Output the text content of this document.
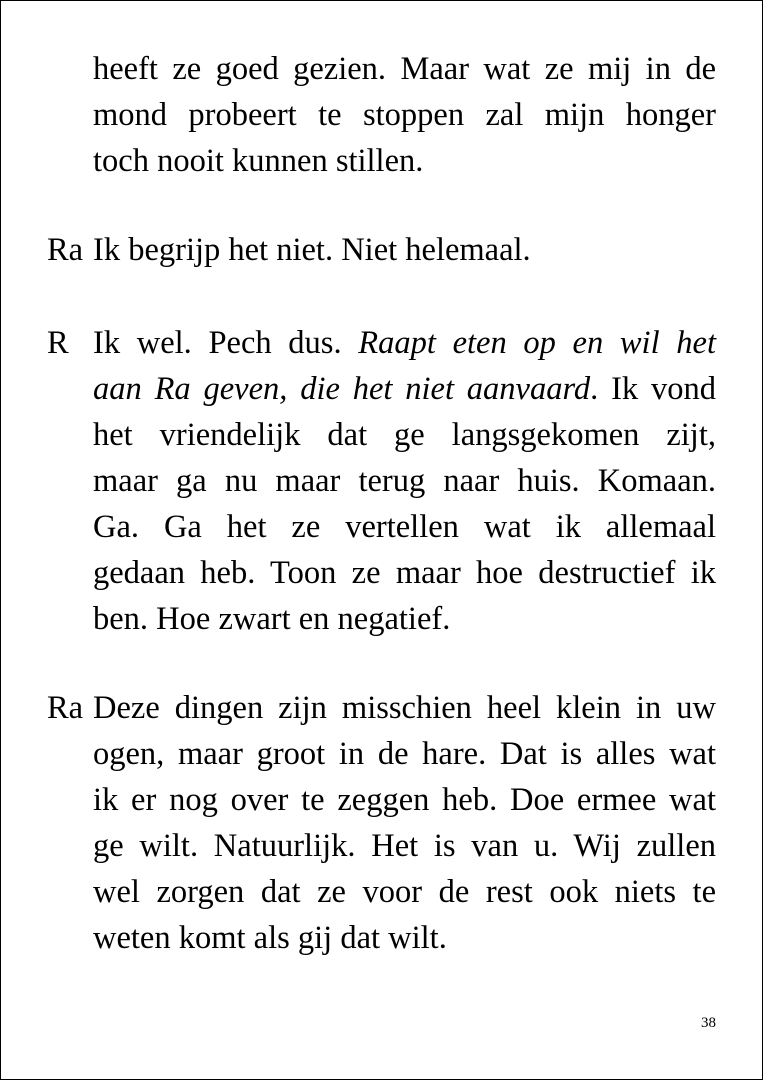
heeft ze goed gezien. Maar wat ze mij in de
mond probeert te stoppen zal mijn honger
toch nooit kunnen stillen.
Ra Ik begrijp het niet. Niet helemaal.
R Ik wel. Pech dus. Raapt eten op en wil het
aan Ra geven, die het niet aanvaard. Ik vond
het vriendelijk dat ge langsgekomen zijt,
maar ga nu maar terug naar huis. Komaan.
Ga. Ga het ze vertellen wat ik allemaal
gedaan heb. Toon ze maar hoe destructief ik
ben. Hoe zwart en negatief.
Ra Deze dingen zijn misschien heel klein in uw
ogen, maar groot in de hare. Dat is alles wat
ik er nog over te zeggen heb. Doe ermee wat
ge wilt. Natuurlijk. Het is van u. Wij zullen
wel zorgen dat ze voor de rest ook niets te
weten komt als gij dat wilt.
38
